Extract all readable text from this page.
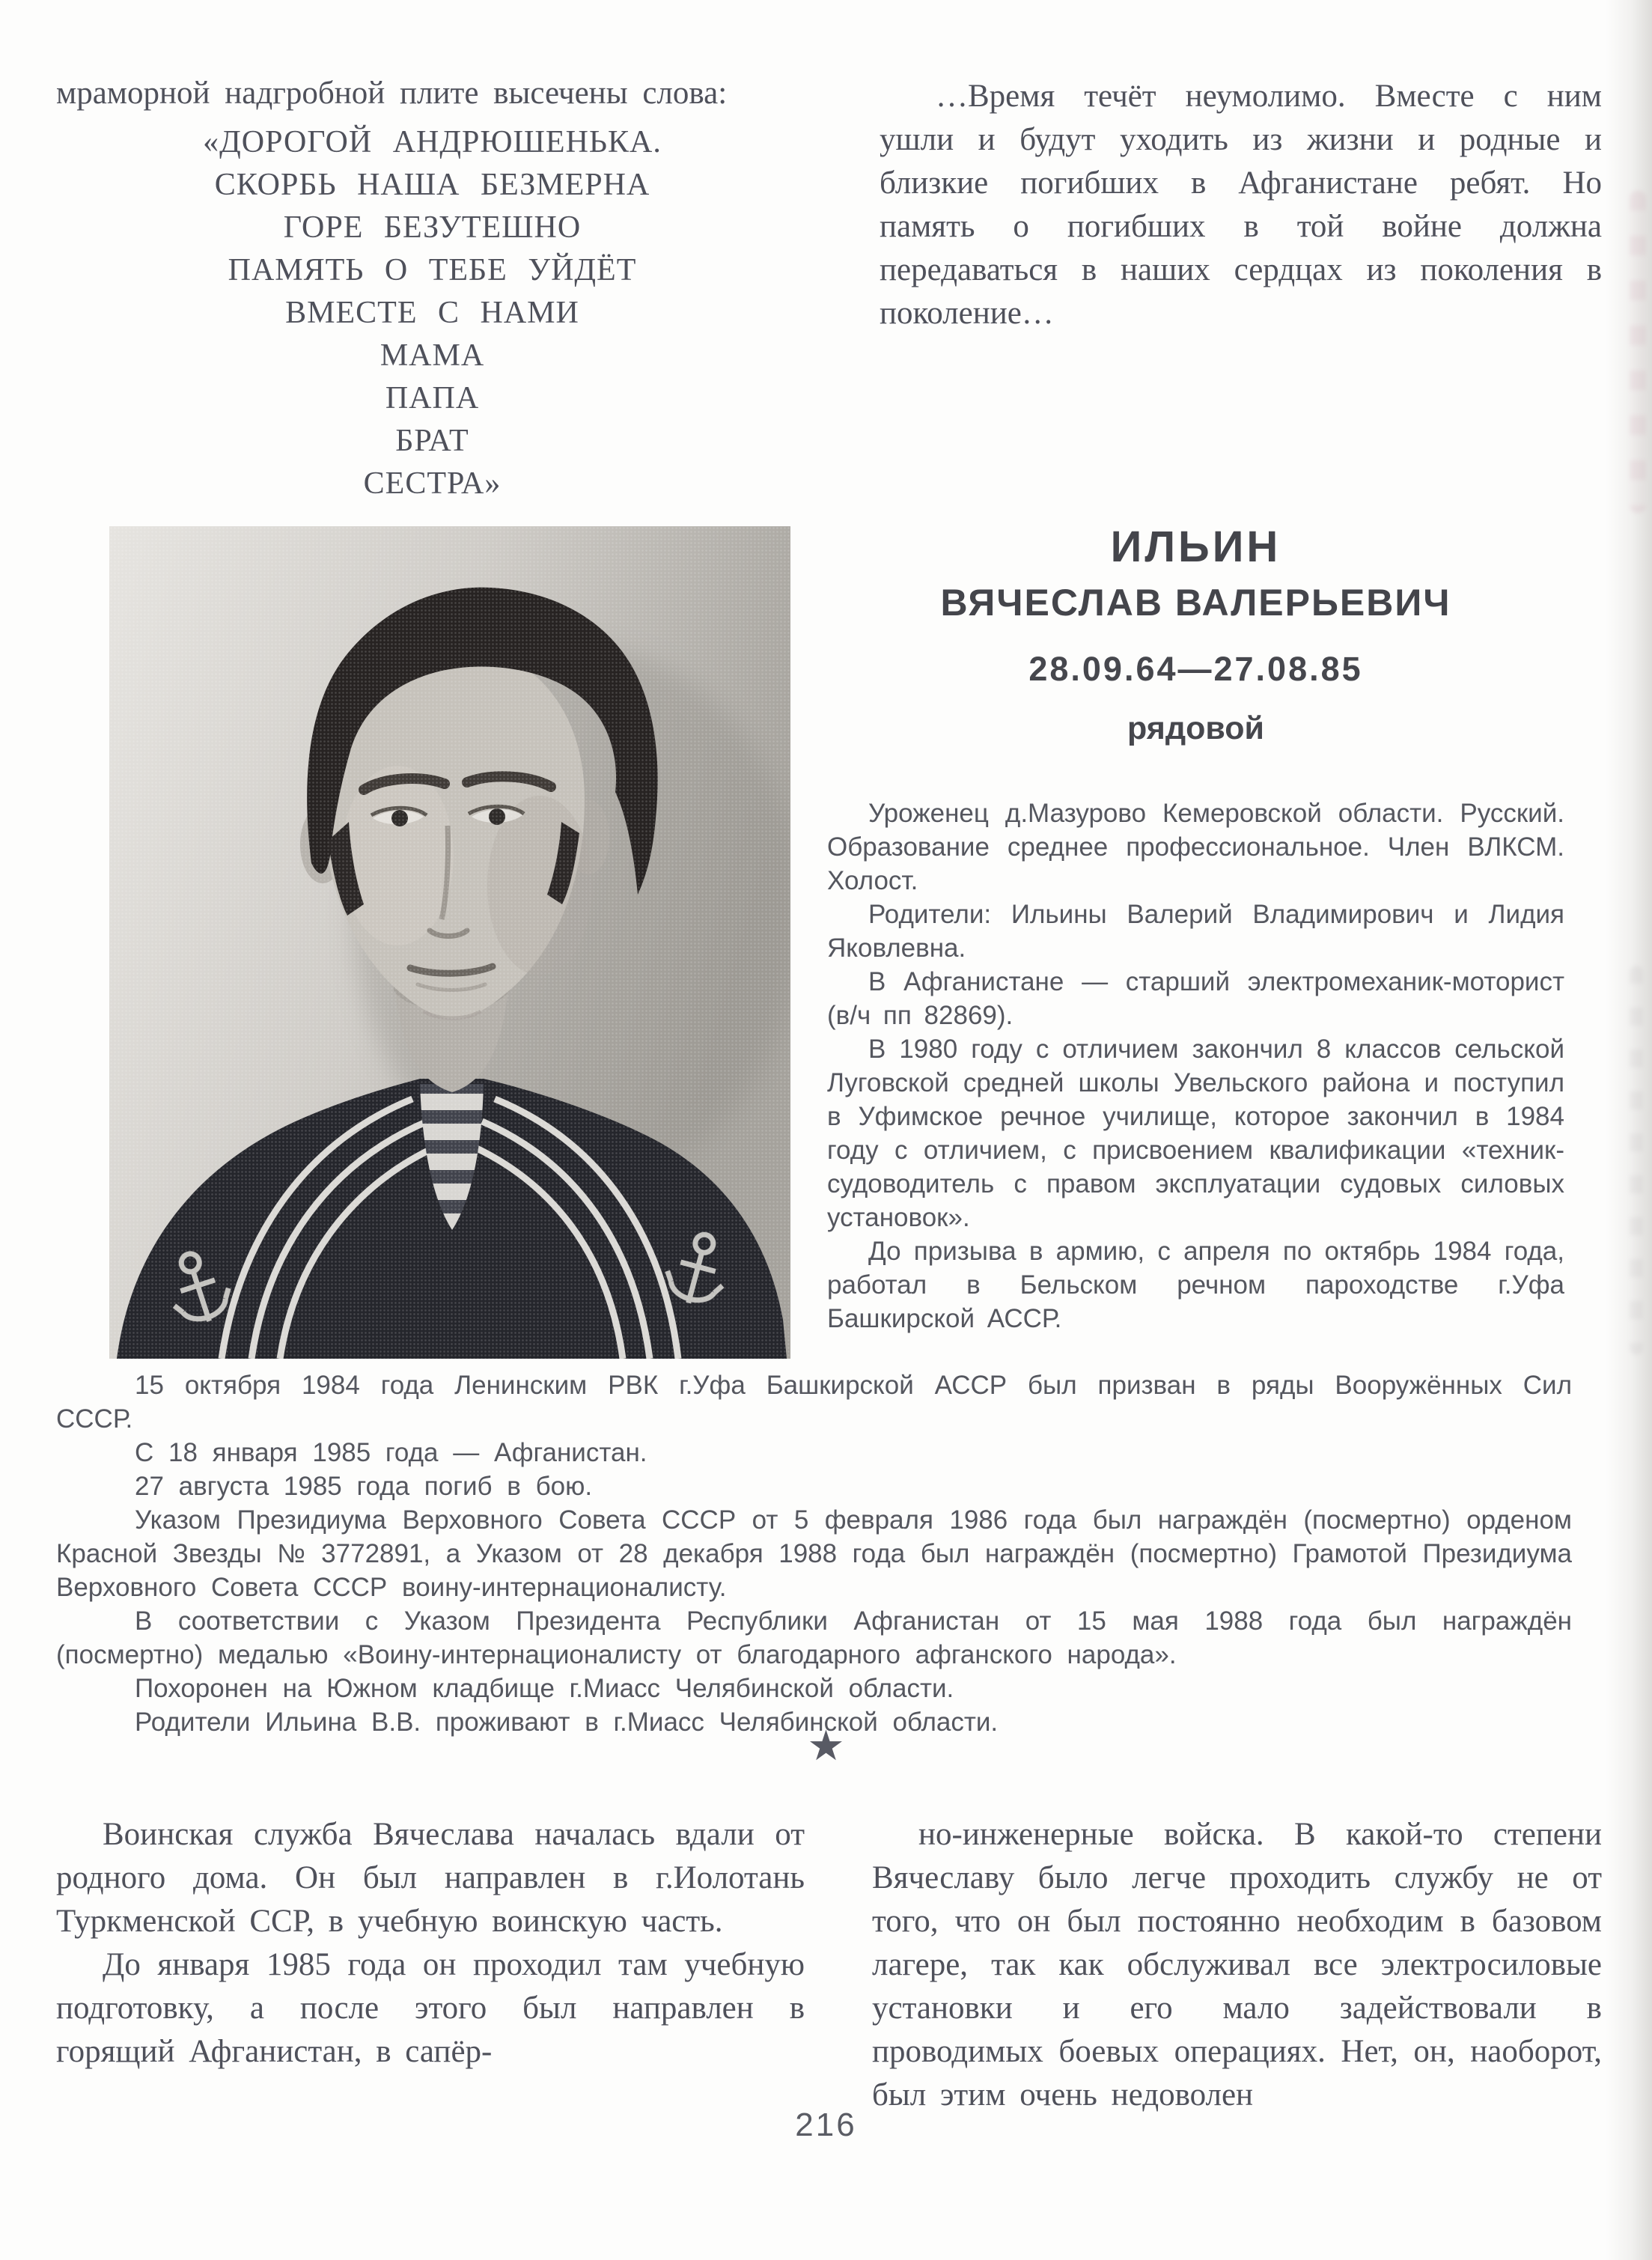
мраморной надгробной плите высечены слова:

«ДОРОГОЙ АНДРЮШЕНЬКА.
СКОРБЬ НАША БЕЗМЕРНА
ГОРЕ БЕЗУТЕШНО
ПАМЯТЬ О ТЕБЕ УЙДЁТ
ВМЕСТЕ С НАМИ
МАМА
ПАПА
БРАТ
СЕСТРА»

…Время течёт неумолимо. Вместе с ним ушли и будут уходить из жизни и родные и близкие погибших в Афганистане ребят. Но память о погибших в той войне должна передаваться в наших сердцах из поколения в поколение…

ИЛЬИН
ВЯЧЕСЛАВ ВАЛЕРЬЕВИЧ
28.09.64—27.08.85
рядовой

Уроженец д.Мазурово Кемеровской области. Русский. Образование среднее профессиональное. Член ВЛКСМ. Холост.

Родители: Ильины Валерий Владимирович и Лидия Яковлевна.

В Афганистане — старший электромеханик-моторист (в/ч пп 82869).

В 1980 году с отличием закончил 8 классов сельской Луговской средней школы Увельского района и поступил в Уфимское речное училище, которое закончил в 1984 году с отличием, с присвоением квалификации «техник-судоводитель с правом эксплуатации судовых силовых установок».

До призыва в армию, с апреля по октябрь 1984 года, работал в Бельском речном пароходстве г.Уфа Башкирской АССР.

15 октября 1984 года Ленинским РВК г.Уфа Башкирской АССР был призван в ряды Вооружённых Сил СССР.

С 18 января 1985 года — Афганистан.

27 августа 1985 года погиб в бою.

Указом Президиума Верховного Совета СССР от 5 февраля 1986 года был награждён (посмертно) орденом Красной Звезды № 3772891, а Указом от 28 декабря 1988 года был награждён (посмертно) Грамотой Президиума Верховного Совета СССР воину-интернационалисту.

В соответствии с Указом Президента Республики Афганистан от 15 мая 1988 года был награждён (посмертно) медалью «Воину-интернационалисту от благодарного афганского народа».

Похоронен на Южном кладбище г.Миасс Челябинской области.

Родители Ильина В.В. проживают в г.Миасс Челябинской области.

★

Воинская служба Вячеслава началась вдали от родного дома. Он был направлен в г.Иолотань Туркменской ССР, в учебную воинскую часть.

До января 1985 года он проходил там учебную подготовку, а после этого был направлен в горящий Афганистан, в сапёр-

но-инженерные войска. В какой-то степени Вячеславу было легче проходить службу не от того, что он был постоянно необходим в базовом лагере, так как обслуживал все электросиловые установки и его мало задействовали в проводимых боевых операциях. Нет, он, наоборот, был этим очень недоволен

216
